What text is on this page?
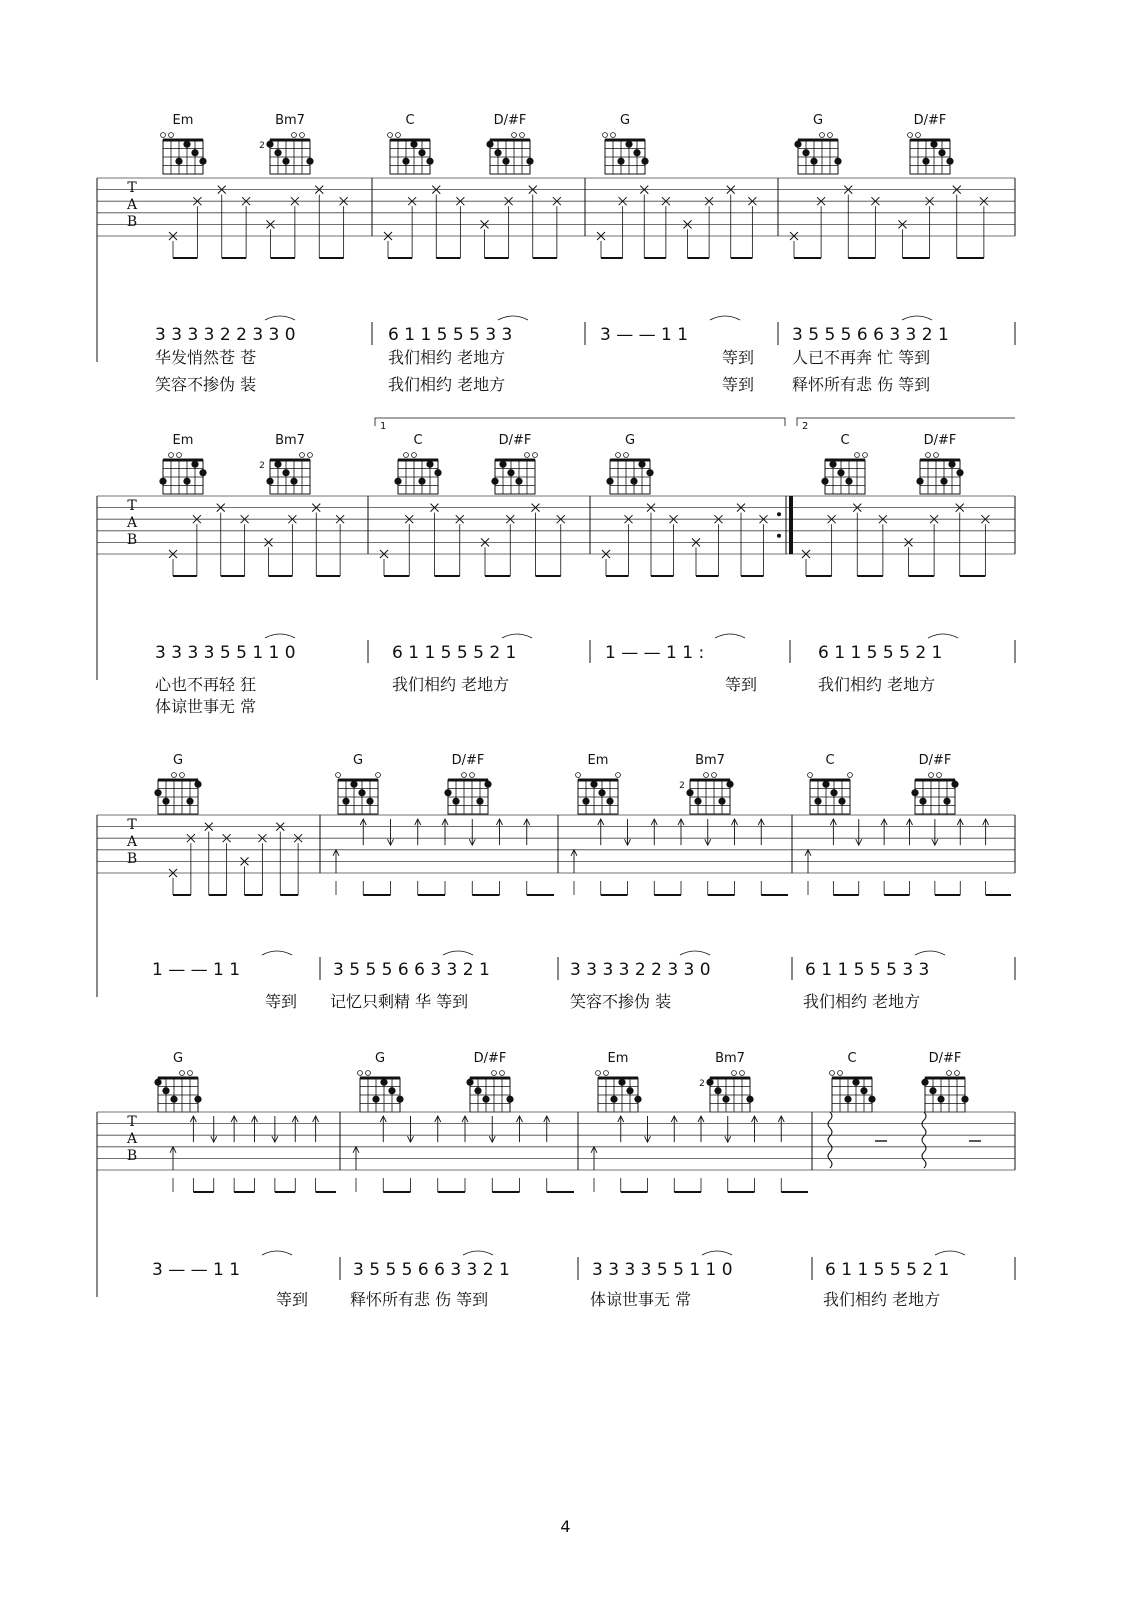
Em	Bm7
2
C	D/#F	G	G	D/#F
T
A
B
3 3 3 3 2 2 3 3 0	6 1 1 5 5 5 3 3	3 — — 1 1	3 5 5 5 6 6 3 3 2 1
华发悄然苍 苍	我们相约 老地方	等到 人已不再奔 忙 等到
笑容不掺伪 装	我们相约 老地方	等到 释怀所有悲 伤 等到
Em	Bm7
2
C	D/#F	G	C	D/#F
1	2
T
A
B
3 3 3 3 5 5 1 1 0	6 1 1 5 5 5 2 1	1 — — 1 1 :	6 1 1 5 5 5 2 1
心也不再轻 狂	我们相约 老地方	等到	我们相约 老地方
体谅世事无 常
G	G	D/#F	Em	Bm7
2
C	D/#F
T
A
B
1 — — 1 1	3 5 5 5 6 6 3 3 2 1	3 3 3 3 2 2 3 3 0	6 1 1 5 5 5 3 3
等到 记忆只剩精 华 等到	笑容不掺伪 装	我们相约 老地方
G	G	D/#F	Em	Bm7
2
C	D/#F
T
A
B
3 — — 1 1	3 5 5 5 6 6 3 3 2 1	3 3 3 3 5 5 1 1 0	6 1 1 5 5 5 2 1
等到	释怀所有悲 伤 等到	体谅世事无 常	我们相约 老地方
4
